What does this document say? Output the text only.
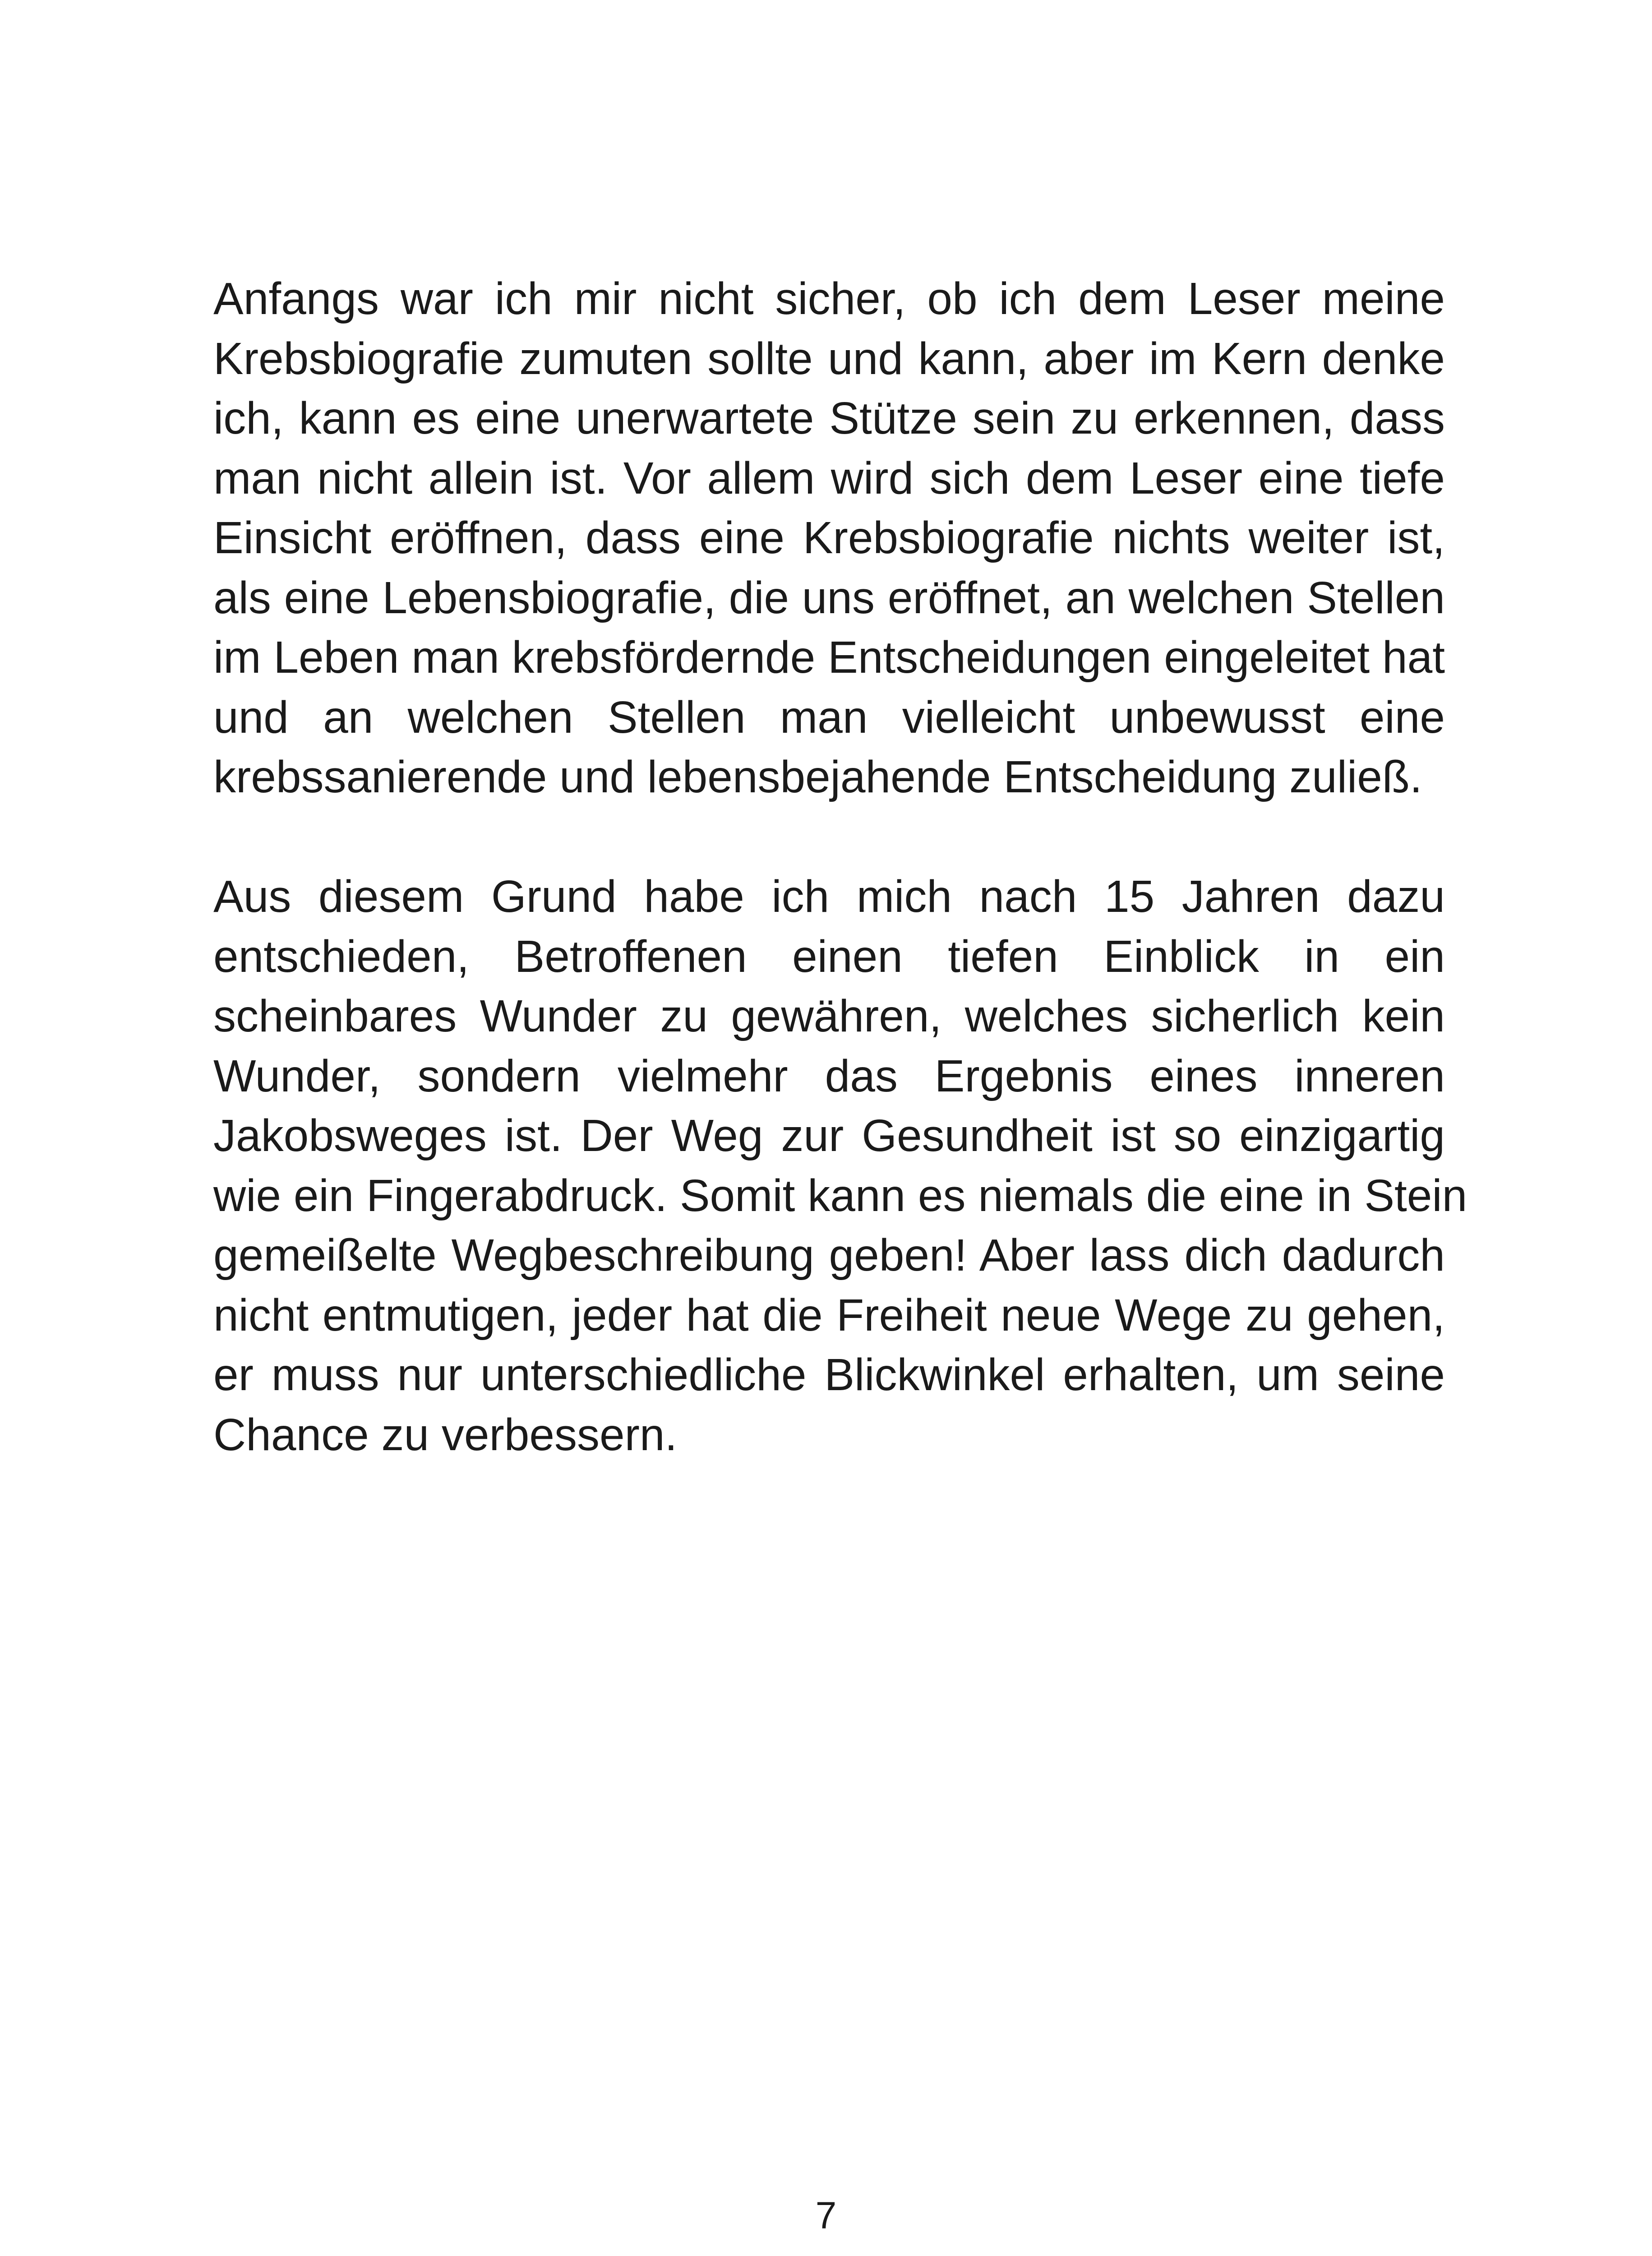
Anfangs war ich mir nicht sicher, ob ich dem Leser meine
Krebsbiografie zumuten sollte und kann, aber im Kern denke
ich, kann es eine unerwartete Stütze sein zu erkennen, dass
man nicht allein ist. Vor allem wird sich dem Leser eine tiefe
Einsicht eröffnen, dass eine Krebsbiografie nichts weiter ist,
als eine Lebensbiografie, die uns eröffnet, an welchen Stellen
im Leben man krebsfördernde Entscheidungen eingeleitet hat
und an welchen Stellen man vielleicht unbewusst eine
krebssanierende und lebensbejahende Entscheidung zuließ.
Aus diesem Grund habe ich mich nach 15 Jahren dazu
entschieden, Betroffenen einen tiefen Einblick in ein
scheinbares Wunder zu gewähren, welches sicherlich kein
Wunder, sondern vielmehr das Ergebnis eines inneren
Jakobsweges ist. Der Weg zur Gesundheit ist so einzigartig
wie ein Fingerabdruck. Somit kann es niemals die eine in Stein
gemeißelte Wegbeschreibung geben! Aber lass dich dadurch
nicht entmutigen, jeder hat die Freiheit neue Wege zu gehen,
er muss nur unterschiedliche Blickwinkel erhalten, um seine
Chance zu verbessern.
7
